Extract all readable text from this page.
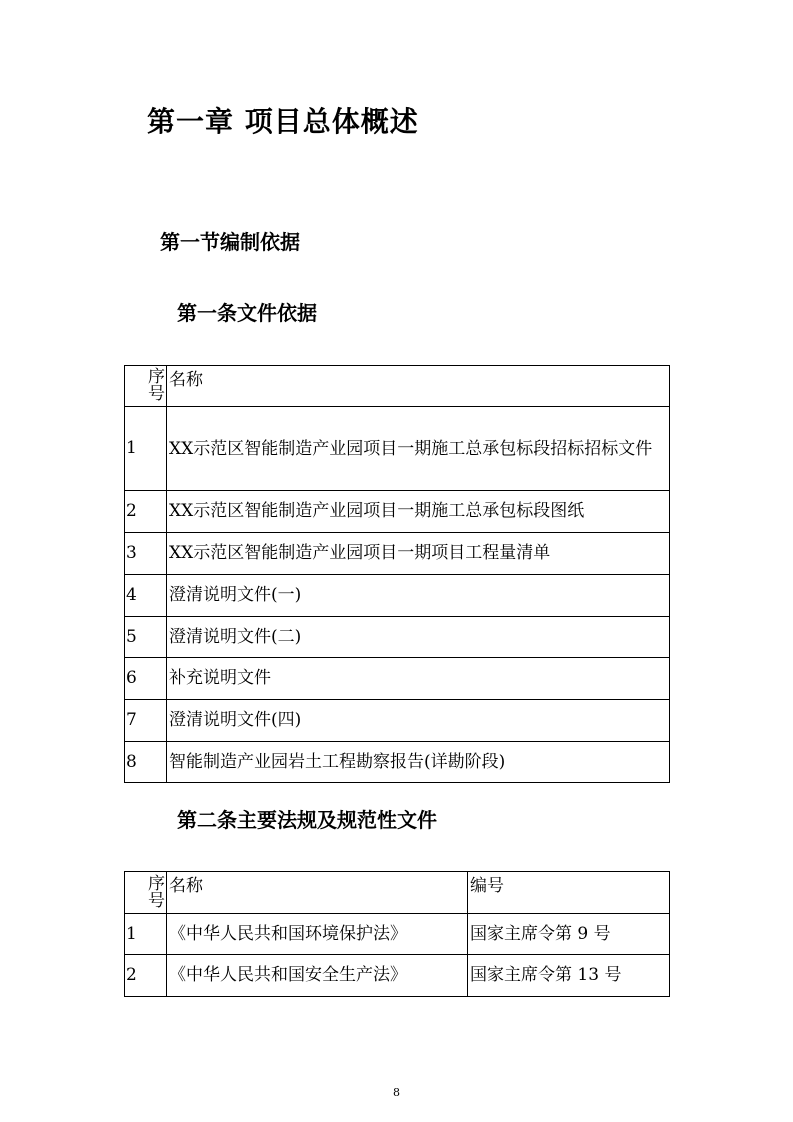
第一章 项目总体概述
第一节编制依据
第一条文件依据
序
号	名称
1	XX示范区智能制造产业园项目一期施工总承包标段招标招标文件
2	XX示范区智能制造产业园项目一期施工总承包标段图纸
3	XX示范区智能制造产业园项目一期项目工程量清单
4	澄清说明文件(一)
5	澄清说明文件(二)
6	补充说明文件
7	澄清说明文件(四)
8	智能制造产业园岩土工程勘察报告(详勘阶段)
第二条主要法规及规范性文件
序
号	名称	编号
1	《中华人民共和国环境保护法》	国家主席令第 9 号
2	《中华人民共和国安全生产法》	国家主席令第 13 号
8
